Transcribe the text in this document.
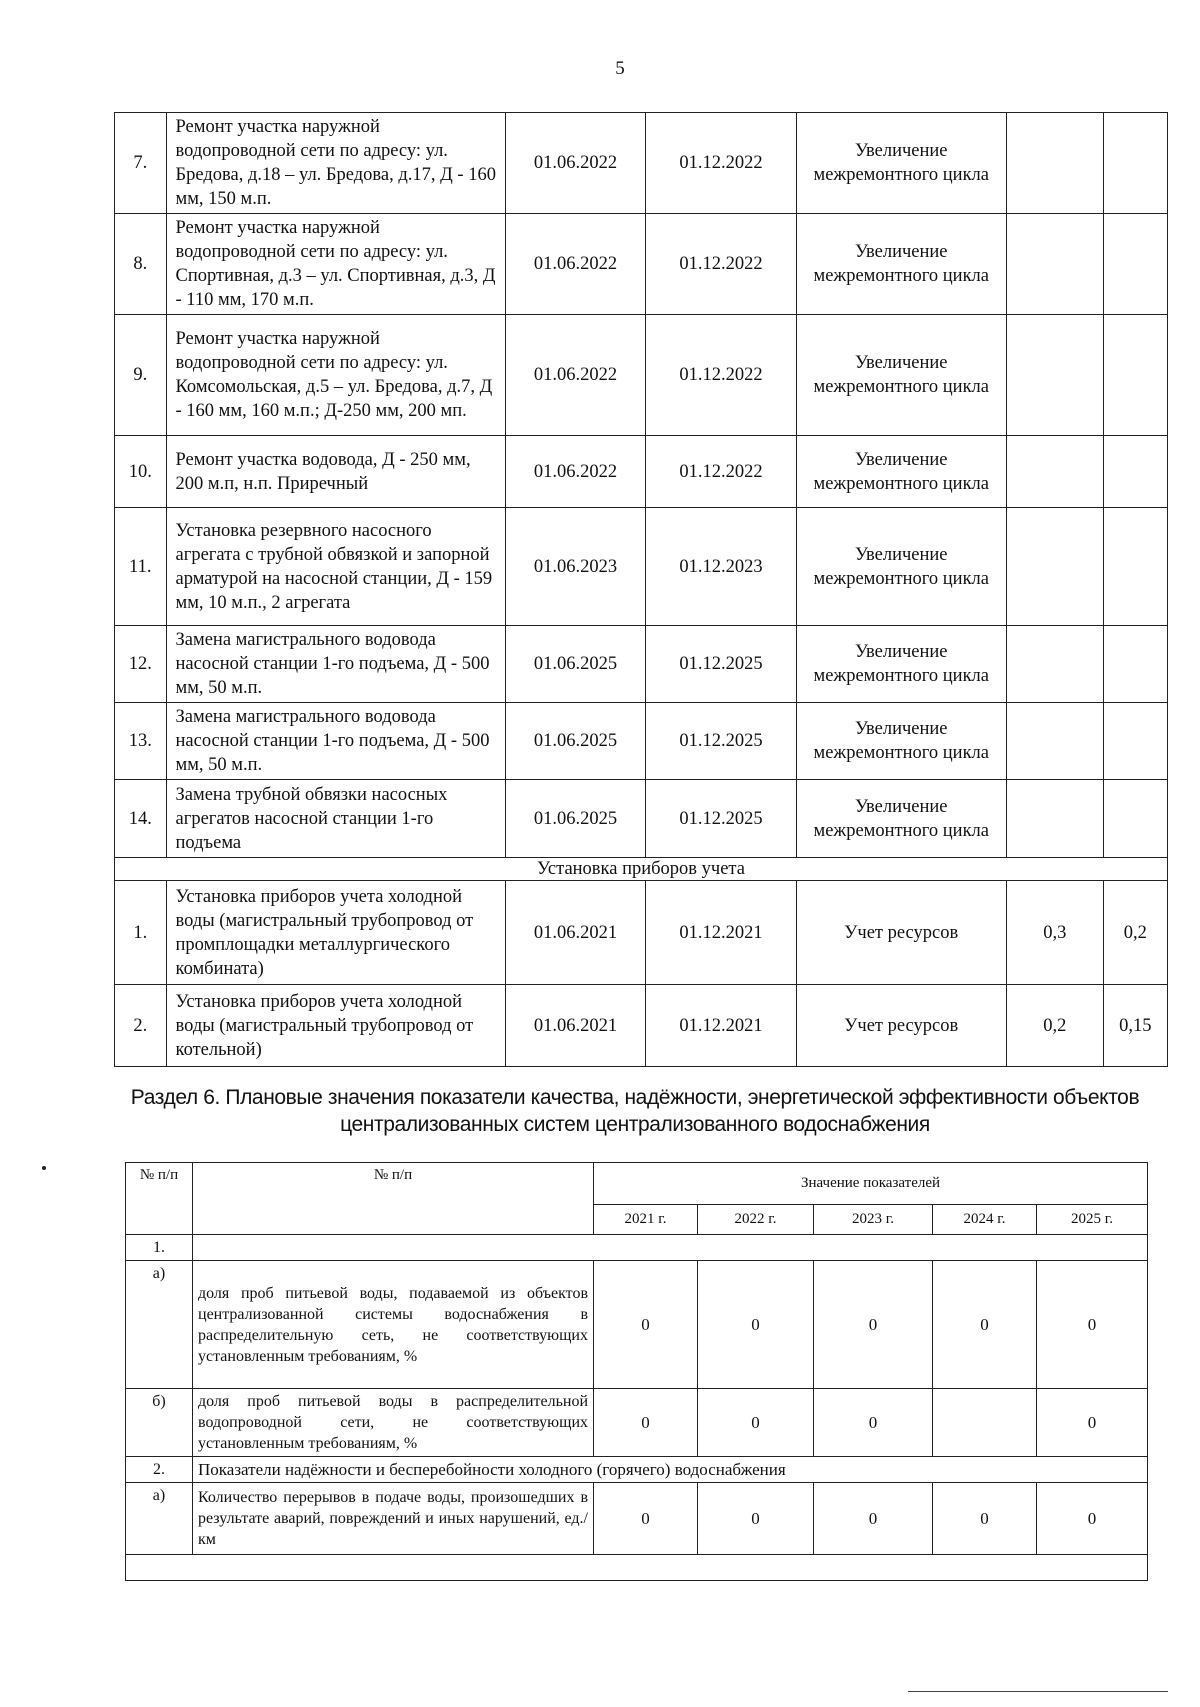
5
7.	Ремонт участка наружной водопроводной сети по адресу: ул. Бредова, д.18 – ул. Бредова, д.17, Д - 160 мм, 150 м.п.	01.06.2022	01.12.2022	Увеличение межремонтного цикла		
8.	Ремонт участка наружной водопроводной сети по адресу: ул. Спортивная, д.3 – ул. Спортивная, д.3, Д - 110 мм, 170 м.п.	01.06.2022	01.12.2022	Увеличение межремонтного цикла		
9.	Ремонт участка наружной водопроводной сети по адресу: ул. Комсомольская, д.5 – ул. Бредова, д.7, Д - 160 мм, 160 м.п.; Д-250 мм, 200 мп.	01.06.2022	01.12.2022	Увеличение межремонтного цикла		
10.	Ремонт участка водовода, Д - 250 мм, 200 м.п, н.п. Приречный	01.06.2022	01.12.2022	Увеличение межремонтного цикла		
11.	Установка резервного насосного агрегата с трубной обвязкой и запорной арматурой на насосной станции, Д - 159 мм, 10 м.п., 2 агрегата	01.06.2023	01.12.2023	Увеличение межремонтного цикла		
12.	Замена магистрального водовода насосной станции 1-го подъема, Д - 500 мм, 50 м.п.	01.06.2025	01.12.2025	Увеличение межремонтного цикла		
13.	Замена магистрального водовода насосной станции 1-го подъема, Д - 500 мм, 50 м.п.	01.06.2025	01.12.2025	Увеличение межремонтного цикла		
14.	Замена трубной обвязки насосных агрегатов насосной станции 1-го подъема	01.06.2025	01.12.2025	Увеличение межремонтного цикла		
Установка приборов учета						
1.	Установка приборов учета холодной воды (магистральный трубопровод от промплощадки металлургического комбината)	01.06.2021	01.12.2021	Учет ресурсов	0,3	0,2
2.	Установка приборов учета холодной воды (магистральный трубопровод от котельной)	01.06.2021	01.12.2021	Учет ресурсов	0,2	0,15
Раздел 6. Плановые значения показатели качества, надёжности, энергетической эффективности объектов
централизованных систем централизованного водоснабжения
№ п/п	№ п/п	Значение показателей				
		2021 г.	2022 г.	2023 г.	2024 г.	2025 г.
1.						
а)	доля проб питьевой воды, подаваемой из объектов централизованной системы водоснабжения в распределительную сеть, не соответствующих установленным требованиям, %	0	0	0	0	0
б)	доля проб питьевой воды в распределительной водопроводной сети, не соответствующих установленным требованиям, %	0	0	0		0
2.	Показатели надёжности и бесперебойности холодного (горячего) водоснабжения					
а)	Количество перерывов в подаче воды, произошедших в результате аварий, повреждений и иных нарушений, ед./км	0	0	0	0	0
